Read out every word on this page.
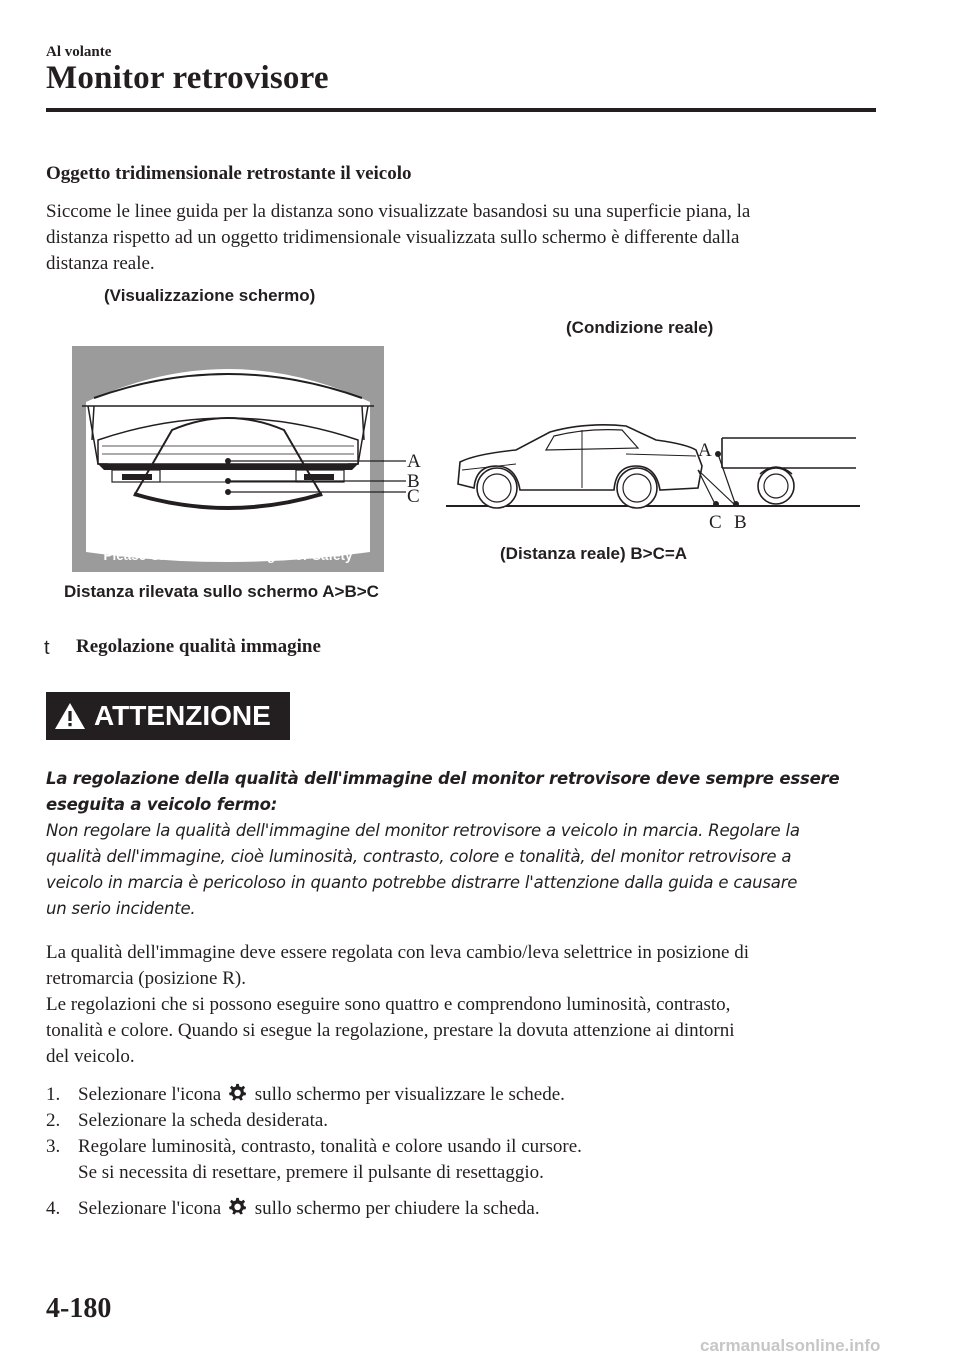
Al volante
Monitor retrovisore
Oggetto tridimensionale retrostante il veicolo
Siccome le linee guida per la distanza sono visualizzate basandosi su una superficie piana, la
distanza rispetto ad un oggetto tridimensionale visualizzata sullo schermo è differente dalla
distanza reale.
(Visualizzazione schermo)
(Condizione reale)
Please Check Surroundings For Safety
A
B
C
Distanza rilevata sullo schermo A>B>C
A
C B
(Distanza reale) B>C=A
t Regolazione qualità immagine
ATTENZIONE
La regolazione della qualità dell'immagine del monitor retrovisore deve sempre essere
eseguita a veicolo fermo:
Non regolare la qualità dell'immagine del monitor retrovisore a veicolo in marcia. Regolare la
qualità dell'immagine, cioè luminosità, contrasto, colore e tonalità, del monitor retrovisore a
veicolo in marcia è pericoloso in quanto potrebbe distrarre l'attenzione dalla guida e causare
un serio incidente.
La qualità dell'immagine deve essere regolata con leva cambio/leva selettrice in posizione di
retromarcia (posizione R).
Le regolazioni che si possono eseguire sono quattro e comprendono luminosità, contrasto,
tonalità e colore. Quando si esegue la regolazione, prestare la dovuta attenzione ai dintorni
del veicolo.
1. Selezionare l'icona sullo schermo per visualizzare le schede.
2. Selezionare la scheda desiderata.
3. Regolare luminosità, contrasto, tonalità e colore usando il cursore.
Se si necessita di resettare, premere il pulsante di resettaggio.
4. Selezionare l'icona sullo schermo per chiudere la scheda.
4-180
carmanualsonline.info
